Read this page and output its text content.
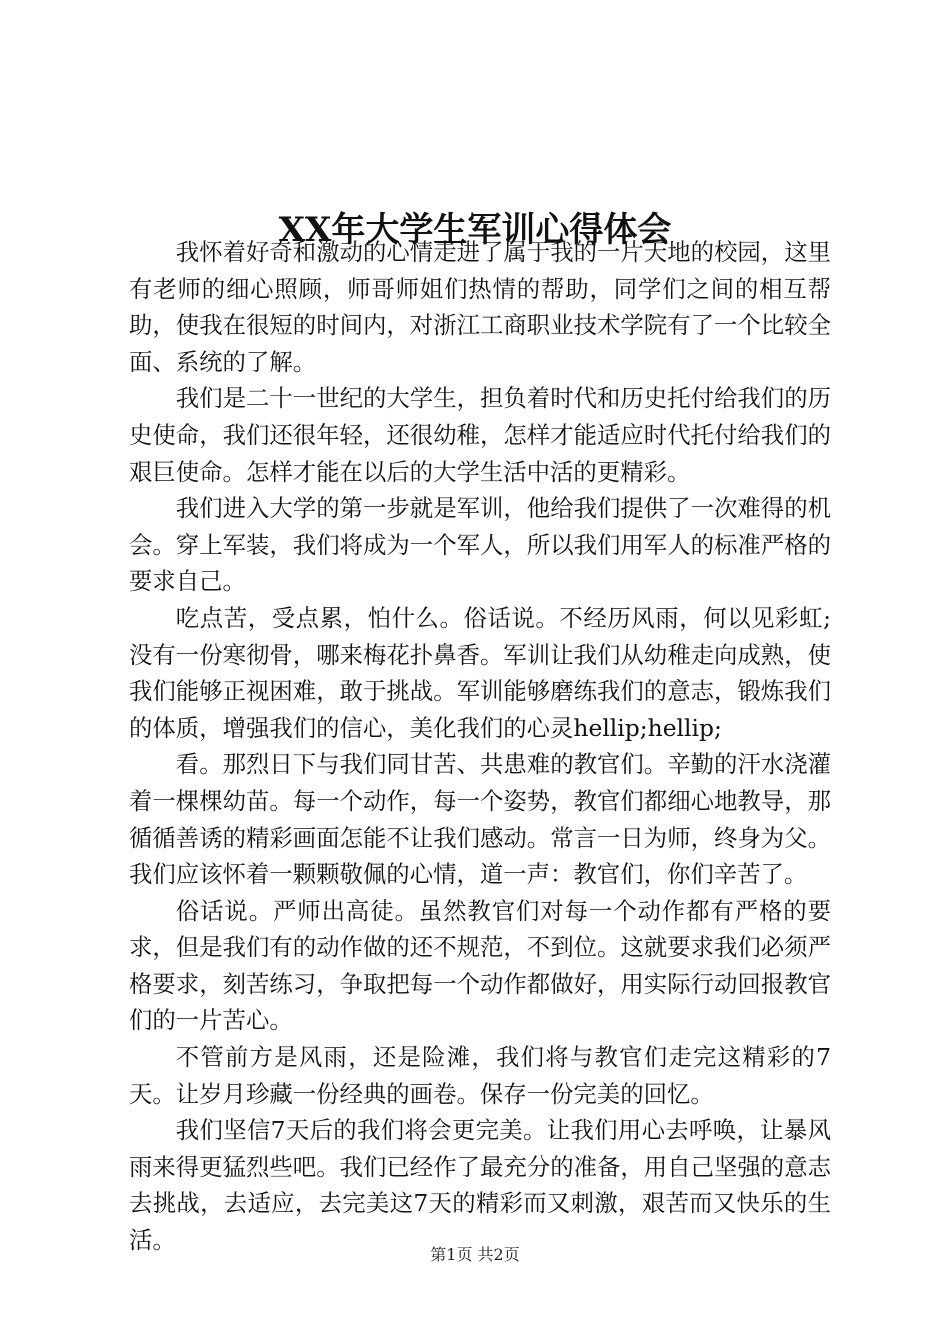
XX年大学生军训心得体会

我怀着好奇和激动的心情走进了属于我的一片天地的校园，这里有老师的细心照顾，师哥师姐们热情的帮助，同学们之间的相互帮助，使我在很短的时间内，对浙江工商职业技术学院有了一个比较全面、系统的了解。

我们是二十一世纪的大学生，担负着时代和历史托付给我们的历史使命，我们还很年轻，还很幼稚，怎样才能适应时代托付给我们的艰巨使命。怎样才能在以后的大学生活中活的更精彩。

我们进入大学的第一步就是军训，他给我们提供了一次难得的机会。穿上军装，我们将成为一个军人，所以我们用军人的标准严格的要求自己。

吃点苦，受点累，怕什么。俗话说。不经历风雨，何以见彩虹;没有一份寒彻骨，哪来梅花扑鼻香。军训让我们从幼稚走向成熟，使我们能够正视困难，敢于挑战。军训能够磨练我们的意志，锻炼我们的体质，增强我们的信心，美化我们的心灵hellip;hellip;

看。那烈日下与我们同甘苦、共患难的教官们。辛勤的汗水浇灌着一棵棵幼苗。每一个动作，每一个姿势，教官们都细心地教导，那循循善诱的精彩画面怎能不让我们感动。常言一日为师，终身为父。我们应该怀着一颗颗敬佩的心情，道一声：教官们，你们辛苦了。

俗话说。严师出高徒。虽然教官们对每一个动作都有严格的要求，但是我们有的动作做的还不规范，不到位。这就要求我们必须严格要求，刻苦练习，争取把每一个动作都做好，用实际行动回报教官们的一片苦心。

不管前方是风雨，还是险滩，我们将与教官们走完这精彩的7天。让岁月珍藏一份经典的画卷。保存一份完美的回忆。

我们坚信7天后的我们将会更完美。让我们用心去呼唤，让暴风雨来得更猛烈些吧。我们已经作了最充分的准备，用自己坚强的意志去挑战，去适应，去完美这7天的精彩而又刺激，艰苦而又快乐的生活。

第1页 共2页
